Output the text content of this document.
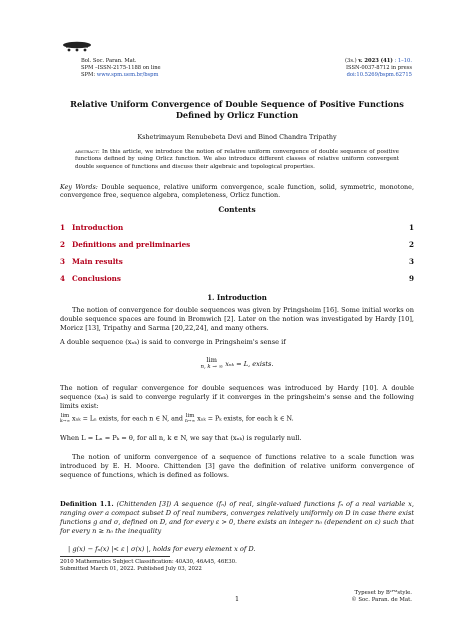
Bol. Soc. Paran. Mat.
SPM –ISSN-2175-1188 on line
SPM: www.spm.uem.br/bspm
(3s.) v. 2023 (41) : 1–10.
ISSN-0037-8712 in press
doi:10.5269/bspm.62715
Relative Uniform Convergence of Double Sequence of Positive Functions Defined by Orlicz Function
Kshetrimayum Renubebeta Devi and Binod Chandra Tripathy
abstract: In this article, we introduce the notion of relative uniform convergence of double sequence of positive functions defined by using Orlicz function. We also introduce different classes of relative uniform convergent double sequence of functions and discuss their algebraic and topological properties.
Key Words: Double sequence, relative uniform convergence, scale function, solid, symmetric, monotone, convergence free, sequence algebra, completeness, Orlicz function.
Contents
1 Introduction	1
2 Definitions and preliminaries	2
3 Main results	3
4 Conclusions	9
1. Introduction
The notion of convergence for double sequences was given by Pringsheim [16]. Some initial works on double sequence spaces are found in Bromwich [2]. Later on the notion was investigated by Hardy [10], Moricz [13], Tripathy and Sarma [20,22,24], and many others.
A double sequence (xₙₖ) is said to converge in Pringsheim's sense if
lim
n, k → ∞ xₙₖ = L, exists.
The notion of regular convergence for double sequences was introduced by Hardy [10]. A double sequence (xₙₖ) is said to converge regularly if it converges in the pringsheim's sense and the following limits exist:
lim
k→∞ xₙₖ = Lₙ exists, for each n ∈ N, and lim
n→∞ xₙₖ = Pₖ exists, for each k ∈ N.
When L = Lₙ = Pₖ = θ, for all n, k ∈ N, we say that (xₙₖ) is regularly null.
The notion of uniform convergence of a sequence of functions relative to a scale function was introduced by E. H. Moore. Chittenden [3] gave the definition of relative uniform convergence of sequence of functions, which is defined as follows.
Definition 1.1. (Chittenden [3]) A sequence (fₙ) of real, single-valued functions fₙ of a real variable x, ranging over a compact subset D of real numbers, converges relatively uniformly on D in case there exist functions g and σ, defined on D, and for every ε > 0, there exists an integer n₀ (dependent on ε) such that for every n ≥ n₀ the inequality
| g(x) − fₙ(x) |< ε | σ(x) |, holds for every element x of D.
2010 Mathematics Subject Classification: 40A30, 46A45, 46E30.
Submitted March 01, 2022. Published July 03, 2022
1
Typeset by Bˢᴾᴹstyle.
© Soc. Paran. de Mat.
